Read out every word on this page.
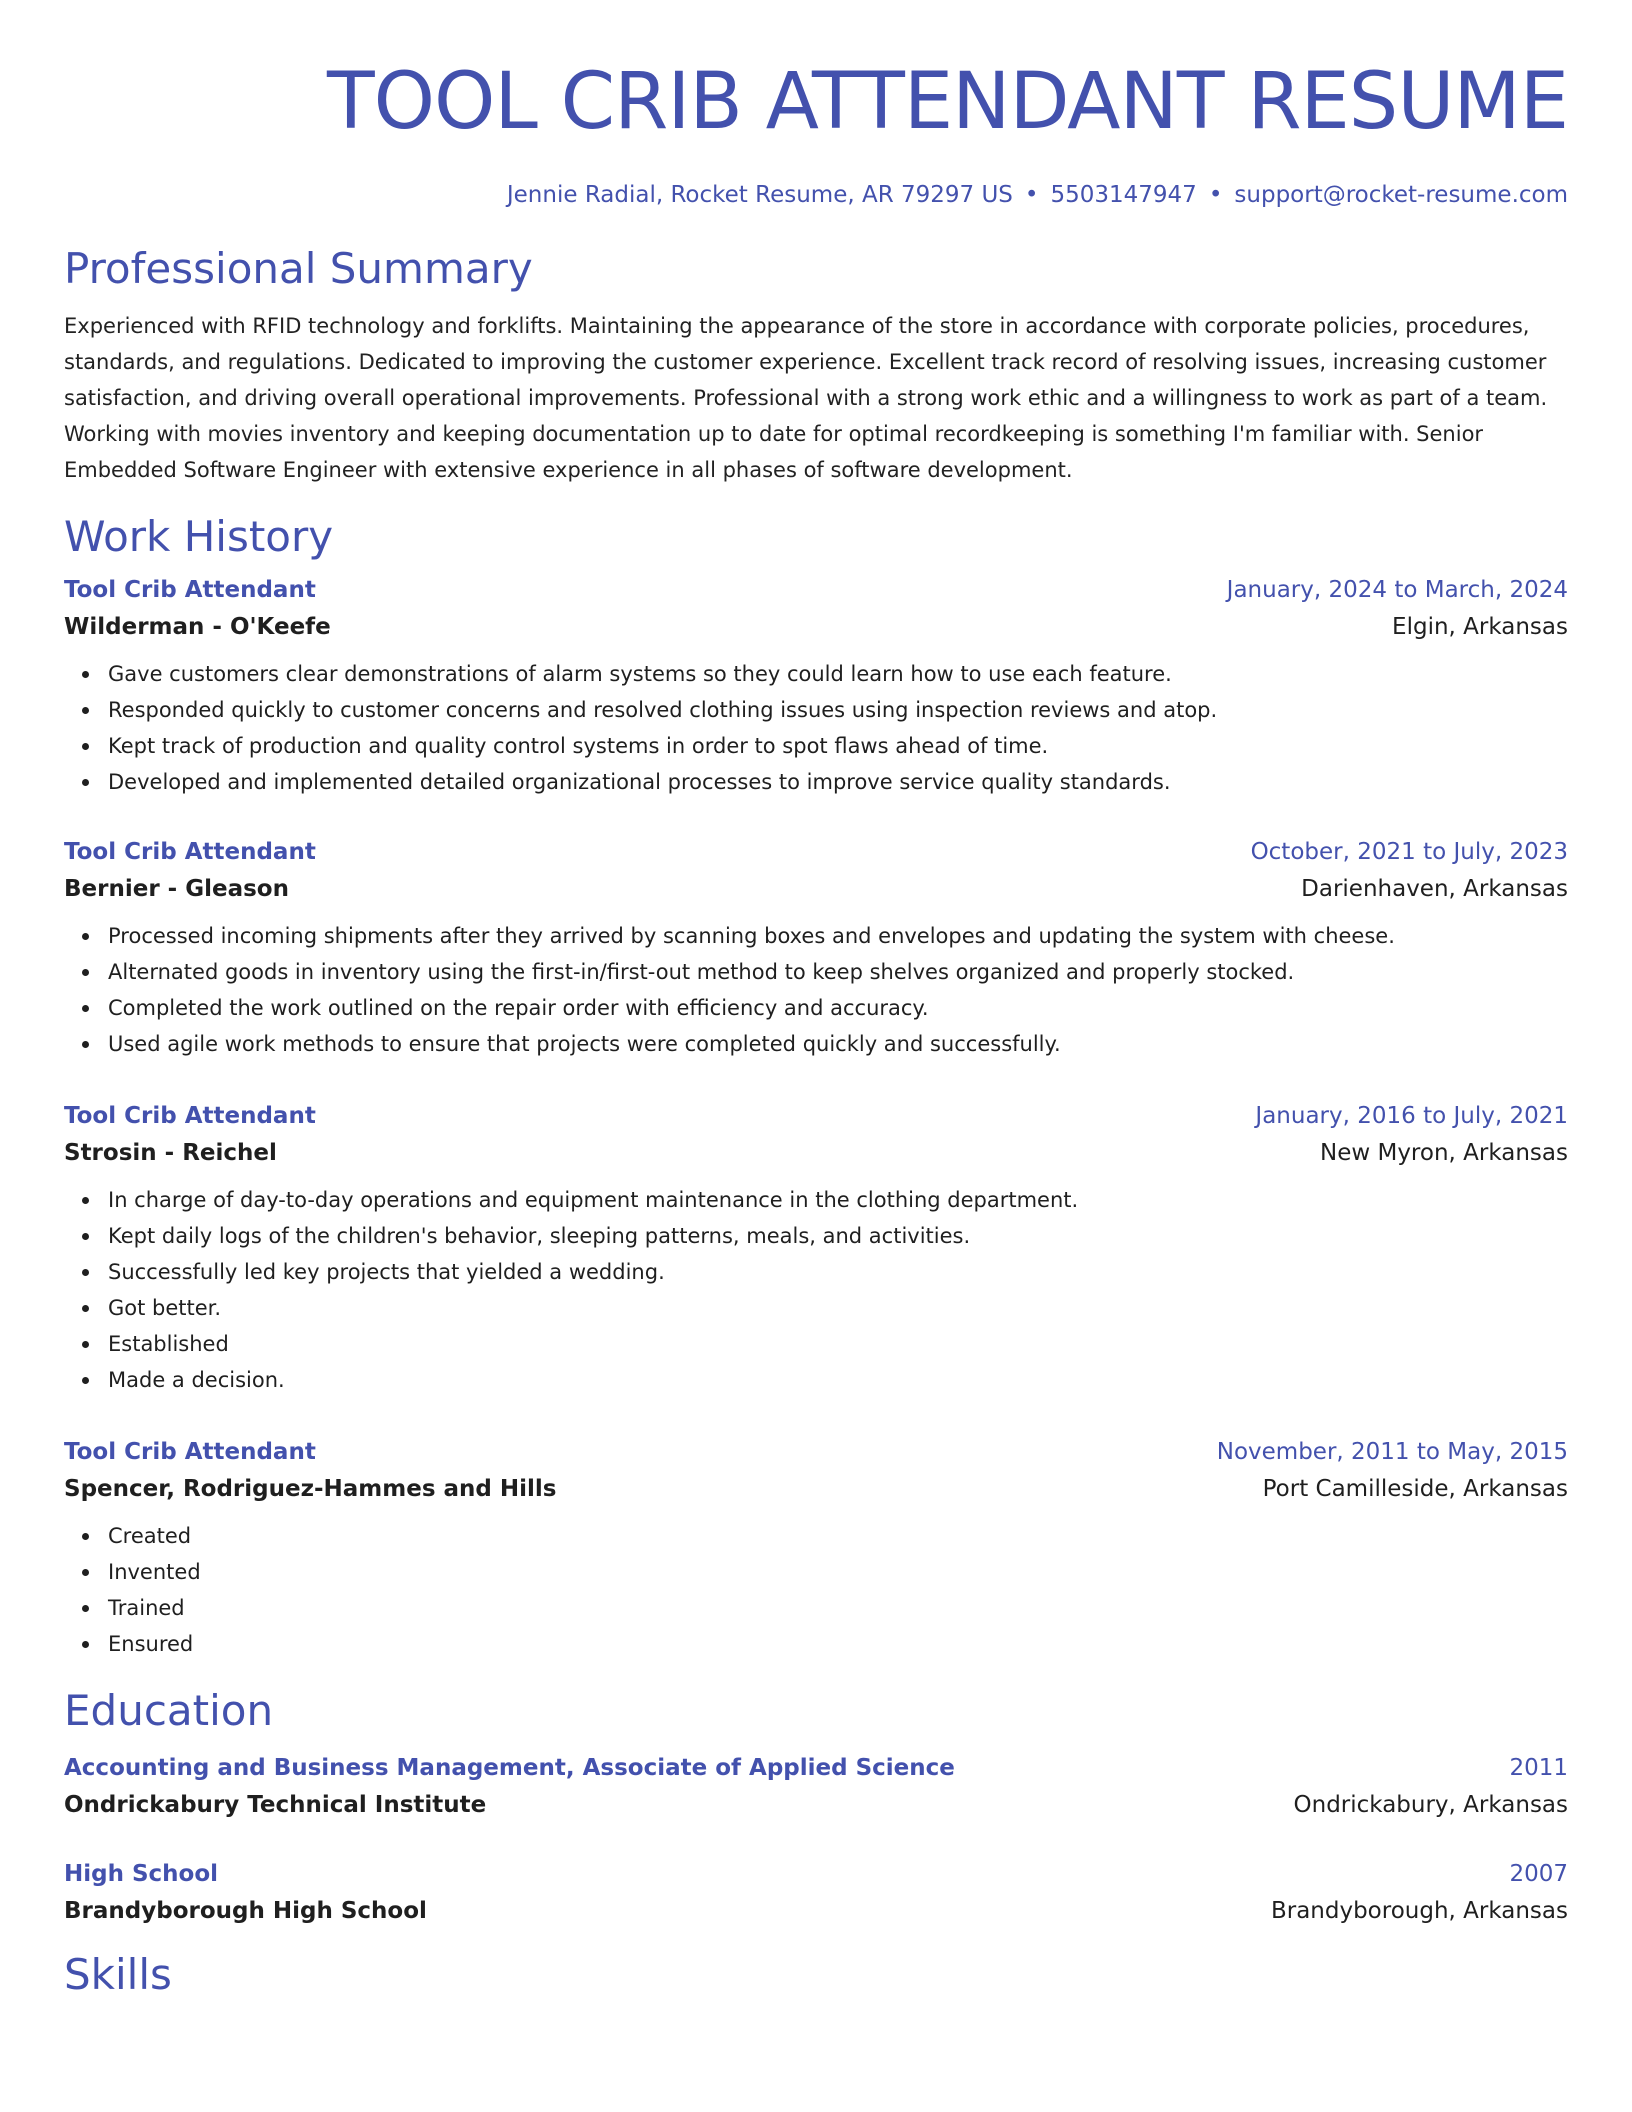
TOOL CRIB ATTENDANT RESUME
Jennie Radial, Rocket Resume, AR 79297 US • 5503147947 • support@rocket-resume.com
Professional Summary
Experienced with RFID technology and forklifts. Maintaining the appearance of the store in accordance with corporate policies, procedures, standards, and regulations. Dedicated to improving the customer experience. Excellent track record of resolving issues, increasing customer satisfaction, and driving overall operational improvements. Professional with a strong work ethic and a willingness to work as part of a team. Working with movies inventory and keeping documentation up to date for optimal recordkeeping is something I'm familiar with. Senior Embedded Software Engineer with extensive experience in all phases of software development.
Work History
Tool Crib Attendant	January, 2024 to March, 2024
Wilderman - O'Keefe	Elgin, Arkansas
Gave customers clear demonstrations of alarm systems so they could learn how to use each feature.
Responded quickly to customer concerns and resolved clothing issues using inspection reviews and atop.
Kept track of production and quality control systems in order to spot flaws ahead of time.
Developed and implemented detailed organizational processes to improve service quality standards.
Tool Crib Attendant	October, 2021 to July, 2023
Bernier - Gleason	Darienhaven, Arkansas
Processed incoming shipments after they arrived by scanning boxes and envelopes and updating the system with cheese.
Alternated goods in inventory using the first-in/first-out method to keep shelves organized and properly stocked.
Completed the work outlined on the repair order with efficiency and accuracy.
Used agile work methods to ensure that projects were completed quickly and successfully.
Tool Crib Attendant	January, 2016 to July, 2021
Strosin - Reichel	New Myron, Arkansas
In charge of day-to-day operations and equipment maintenance in the clothing department.
Kept daily logs of the children's behavior, sleeping patterns, meals, and activities.
Successfully led key projects that yielded a wedding.
Got better.
Established
Made a decision.
Tool Crib Attendant	November, 2011 to May, 2015
Spencer, Rodriguez-Hammes and Hills	Port Camilleside, Arkansas
Created
Invented
Trained
Ensured
Education
Accounting and Business Management, Associate of Applied Science	2011
Ondrickabury Technical Institute	Ondrickabury, Arkansas
High School	2007
Brandyborough High School	Brandyborough, Arkansas
Skills
